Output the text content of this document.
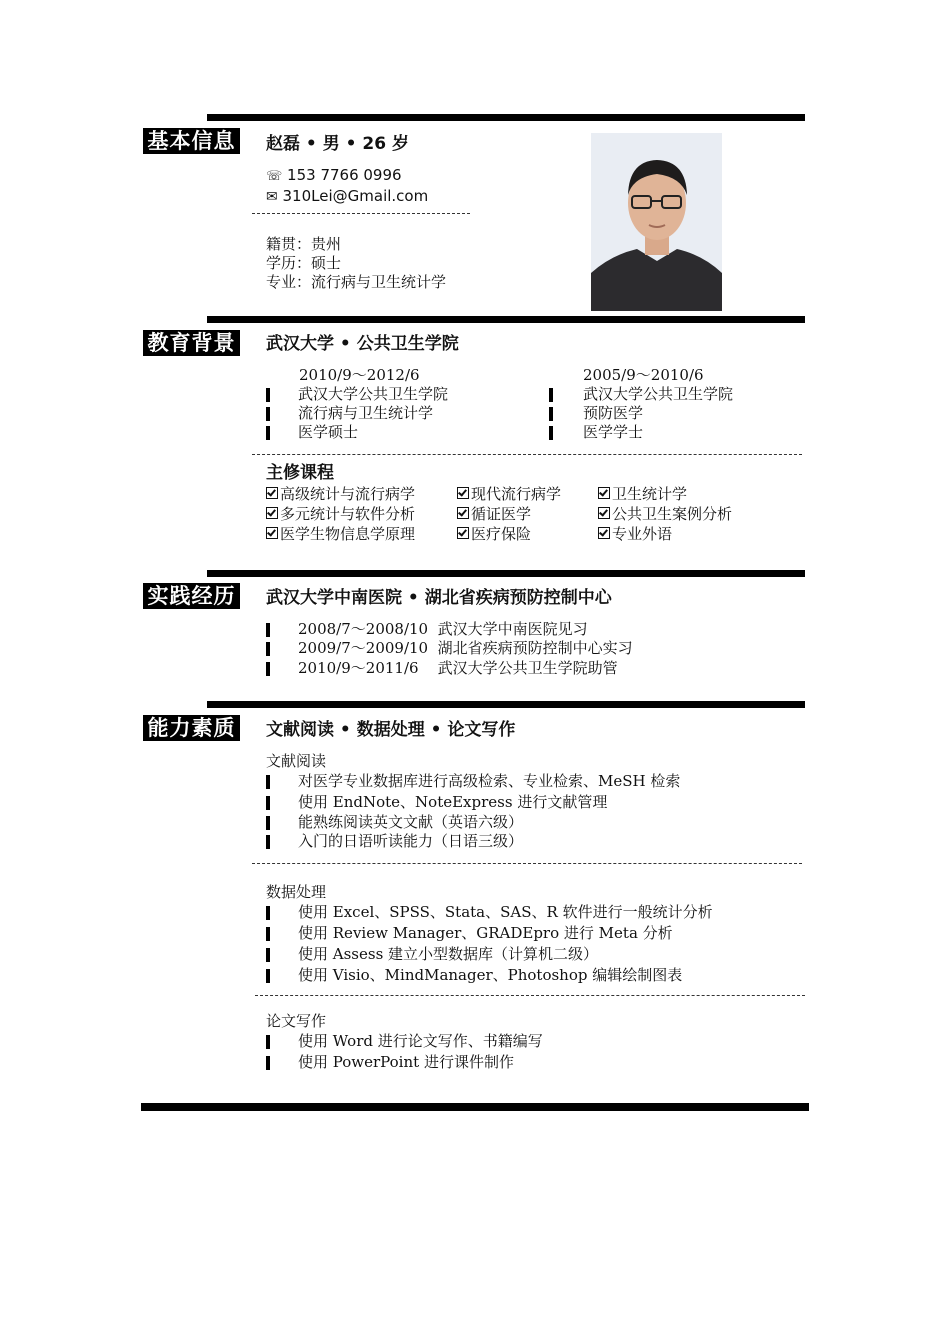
基本信息
教育背景
实践经历
能力素质
赵磊 • 男 • 26 岁
☏ 153 7766 0996
✉ 310Lei@Gmail.com
籍贯：贵州
学历：硕士
专业：流行病与卫生统计学
武汉大学 • 公共卫生学院
2010/9～2012/6
武汉大学公共卫生学院
流行病与卫生统计学
医学硕士
2005/9～2010/6
武汉大学公共卫生学院
预防医学
医学学士
主修课程
高级统计与流行病学	现代流行病学	卫生统计学
多元统计与软件分析	循证医学	公共卫生案例分析
医学生物信息学原理	医疗保险	专业外语
武汉大学中南医院 • 湖北省疾病预防控制中心
2008/7～2008/10  武汉大学中南医院见习
2009/7～2009/10  湖北省疾病预防控制中心实习
2010/9～2011/6    武汉大学公共卫生学院助管
文献阅读 • 数据处理 • 论文写作
文献阅读
对医学专业数据库进行高级检索、专业检索、MeSH 检索
使用 EndNote、NoteExpress 进行文献管理
能熟练阅读英文文献（英语六级）
入门的日语听读能力（日语三级）
数据处理
使用 Excel、SPSS、Stata、SAS、R 软件进行一般统计分析
使用 Review Manager、GRADEpro 进行 Meta 分析
使用 Assess 建立小型数据库（计算机二级）
使用 Visio、MindManager、Photoshop 编辑绘制图表
论文写作
使用 Word 进行论文写作、书籍编写
使用 PowerPoint 进行课件制作
